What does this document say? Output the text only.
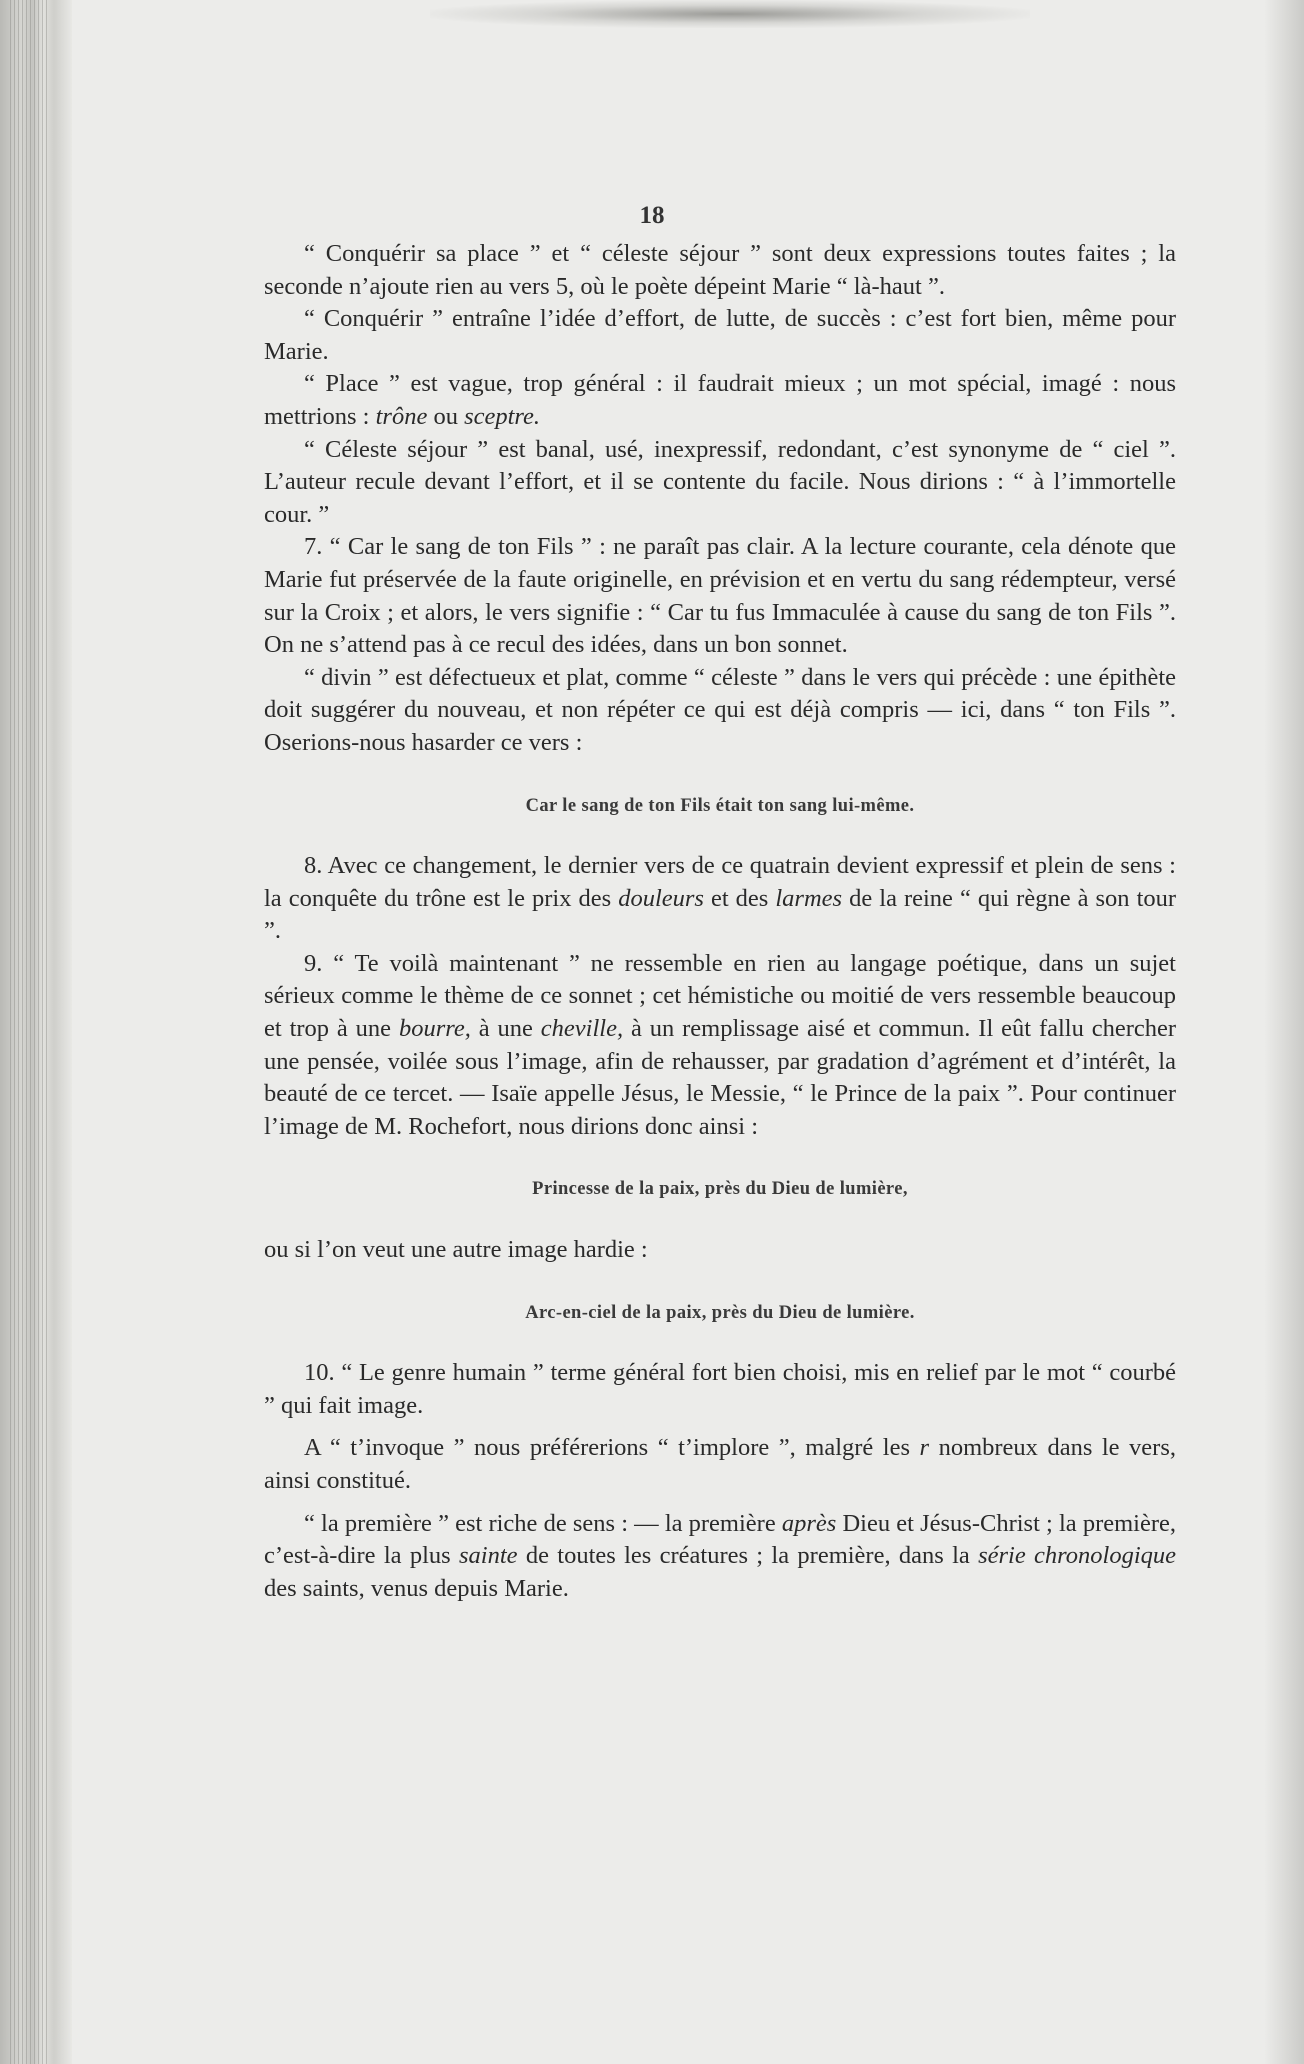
18

“ Conquérir sa place ” et “ céleste séjour ” sont deux expressions toutes faites ; la seconde n’ajoute rien au vers 5, où le poète dépeint Marie “ là-haut ”.

“ Conquérir ” entraîne l’idée d’effort, de lutte, de succès : c’est fort bien, même pour Marie.

“ Place ” est vague, trop général : il faudrait mieux ; un mot spécial, imagé : nous mettrions : trône ou sceptre.

“ Céleste séjour ” est banal, usé, inexpressif, redondant, c’est synonyme de “ ciel ”. L’auteur recule devant l’effort, et il se contente du facile. Nous dirions : “ à l’immortelle cour. ”

7. “ Car le sang de ton Fils ” : ne paraît pas clair. A la lecture courante, cela dénote que Marie fut préservée de la faute originelle, en prévision et en vertu du sang rédempteur, versé sur la Croix ; et alors, le vers signifie : “ Car tu fus Immaculée à cause du sang de ton Fils ”. On ne s’attend pas à ce recul des idées, dans un bon sonnet.

“ divin ” est défectueux et plat, comme “ céleste ” dans le vers qui précède : une épithète doit suggérer du nouveau, et non répéter ce qui est déjà compris — ici, dans “ ton Fils ”. Oserions-nous hasarder ce vers :

Car le sang de ton Fils était ton sang lui-même.

8. Avec ce changement, le dernier vers de ce quatrain devient expressif et plein de sens : la conquête du trône est le prix des douleurs et des larmes de la reine “ qui règne à son tour ”.

9. “ Te voilà maintenant ” ne ressemble en rien au langage poétique, dans un sujet sérieux comme le thème de ce sonnet ; cet hémistiche ou moitié de vers ressemble beaucoup et trop à une bourre, à une cheville, à un remplissage aisé et commun. Il eût fallu chercher une pensée, voilée sous l’image, afin de rehausser, par gradation d’agrément et d’intérêt, la beauté de ce tercet. — Isaïe appelle Jésus, le Messie, “ le Prince de la paix ”. Pour continuer l’image de M. Rochefort, nous dirions donc ainsi :

Princesse de la paix, près du Dieu de lumière,

ou si l’on veut une autre image hardie :

Arc-en-ciel de la paix, près du Dieu de lumière.

10. “ Le genre humain ” terme général fort bien choisi, mis en relief par le mot “ courbé ” qui fait image.

A “ t’invoque ” nous préférerions “ t’implore ”, malgré les r nombreux dans le vers, ainsi constitué.

“ la première ” est riche de sens : — la première après Dieu et Jésus-Christ ; la première, c’est-à-dire la plus sainte de toutes les créatures ; la première, dans la série chronologique des saints, venus depuis Marie.
